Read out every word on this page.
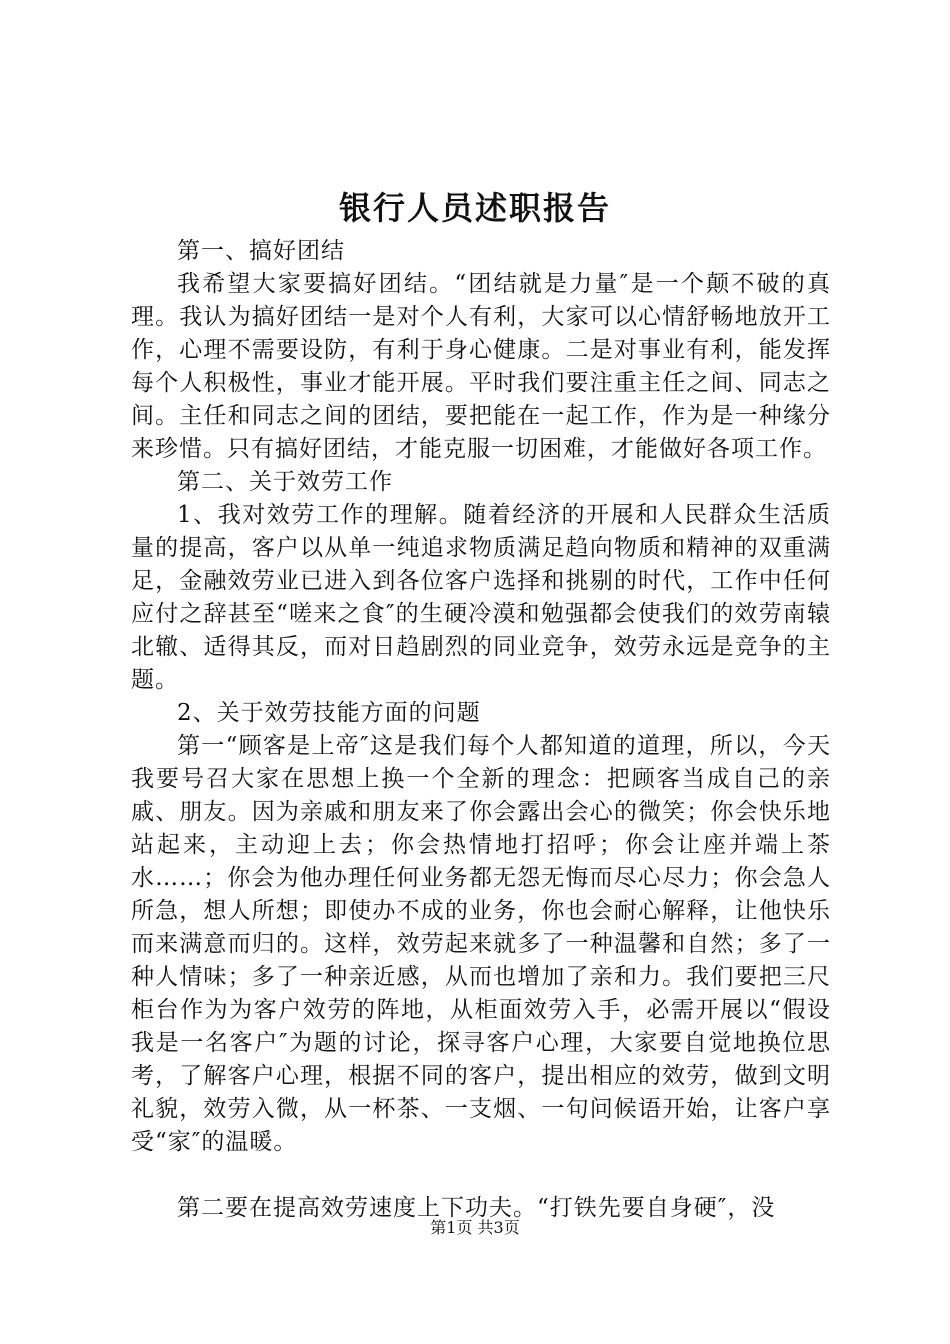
银行人员述职报告

第一、搞好团结

我希望大家要搞好团结。“团结就是力量″是一个颠不破的真理。我认为搞好团结一是对个人有利，大家可以心情舒畅地放开工作，心理不需要设防，有利于身心健康。二是对事业有利，能发挥每个人积极性，事业才能开展。平时我们要注重主任之间、同志之间。主任和同志之间的团结，要把能在一起工作，作为是一种缘分来珍惜。只有搞好团结，才能克服一切困难，才能做好各项工作。

第二、关于效劳工作

1、我对效劳工作的理解。随着经济的开展和人民群众生活质量的提高，客户以从单一纯追求物质满足趋向物质和精神的双重满足，金融效劳业已进入到各位客户选择和挑剔的时代，工作中任何应付之辞甚至“嗟来之食″的生硬冷漠和勉强都会使我们的效劳南辕北辙、适得其反，而对日趋剧烈的同业竞争，效劳永远是竞争的主题。

2、关于效劳技能方面的问题

第一“顾客是上帝″这是我们每个人都知道的道理，所以，今天我要号召大家在思想上换一个全新的理念：把顾客当成自己的亲戚、朋友。因为亲戚和朋友来了你会露出会心的微笑；你会快乐地站起来，主动迎上去；你会热情地打招呼；你会让座并端上茶水……；你会为他办理任何业务都无怨无悔而尽心尽力；你会急人所急，想人所想；即使办不成的业务，你也会耐心解释，让他快乐而来满意而归的。这样，效劳起来就多了一种温馨和自然；多了一种人情味；多了一种亲近感，从而也增加了亲和力。我们要把三尺柜台作为为客户效劳的阵地，从柜面效劳入手，必需开展以“假设我是一名客户″为题的讨论，探寻客户心理，大家要自觉地换位思考，了解客户心理，根据不同的客户，提出相应的效劳，做到文明礼貌，效劳入微，从一杯茶、一支烟、一句问候语开始，让客户享受“家″的温暖。

第二要在提高效劳速度上下功夫。“打铁先要自身硬″，没

第1页 共3页
